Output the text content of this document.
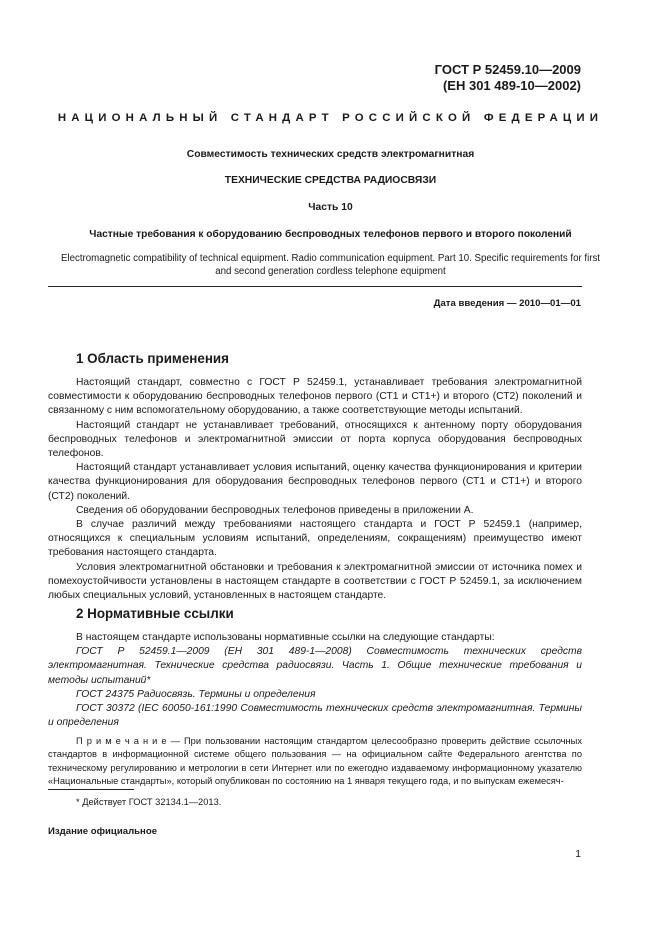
ГОСТ Р 52459.10—2009
(ЕН 301 489-10—2002)
НАЦИОНАЛЬНЫЙ СТАНДАРТ РОССИЙСКОЙ ФЕДЕРАЦИИ
Совместимость технических средств электромагнитная
ТЕХНИЧЕСКИЕ СРЕДСТВА РАДИОСВЯЗИ
Часть 10
Частные требования к оборудованию беспроводных телефонов первого и второго поколений
Electromagnetic compatibility of technical equipment. Radio communication equipment. Part 10. Specific requirements for first and second generation cordless telephone equipment
Дата введения — 2010—01—01
1 Область применения

Настоящий стандарт, совместно с ГОСТ Р 52459.1, устанавливает требования электромагнитной совместимости к оборудованию беспроводных телефонов первого (СТ1 и СТ1+) и второго (СТ2) поколений и связанному с ним вспомогательному оборудованию, а также соответствующие методы испытаний.

Настоящий стандарт не устанавливает требований, относящихся к антенному порту оборудования беспроводных телефонов и электромагнитной эмиссии от порта корпуса оборудования беспроводных телефонов.

Настоящий стандарт устанавливает условия испытаний, оценку качества функционирования и критерии качества функционирования для оборудования беспроводных телефонов первого (СТ1 и СТ1+) и второго (СТ2) поколений.

Сведения об оборудовании беспроводных телефонов приведены в приложении А.

В случае различий между требованиями настоящего стандарта и ГОСТ Р 52459.1 (например, относящихся к специальным условиям испытаний, определениям, сокращениям) преимущество имеют требования настоящего стандарта.

Условия электромагнитной обстановки и требования к электромагнитной эмиссии от источника помех и помехоустойчивости установлены в настоящем стандарте в соответствии с ГОСТ Р 52459.1, за исключением любых специальных условий, установленных в настоящем стандарте.

2 Нормативные ссылки

В настоящем стандарте использованы нормативные ссылки на следующие стандарты:

ГОСТ Р 52459.1—2009 (ЕН 301 489-1—2008) Совместимость технических средств электромагнитная. Технические средства радиосвязи. Часть 1. Общие технические требования и методы испытаний*

ГОСТ 24375 Радиосвязь. Термины и определения

ГОСТ 30372 (IEC 60050-161:1990 Совместимость технических средств электромагнитная. Термины и определения

П р и м е ч а н и е — При пользовании настоящим стандартом целесообразно проверить действие ссылочных стандартов в информационной системе общего пользования — на официальном сайте Федерального агентства по техническому регулированию и метрологии в сети Интернет или по ежегодно издаваемому информационному указателю «Национальные стандарты», который опубликован по состоянию на 1 января текущего года, и по выпускам ежемесяч-
* Действует ГОСТ 32134.1—2013.
Издание официальное
1
